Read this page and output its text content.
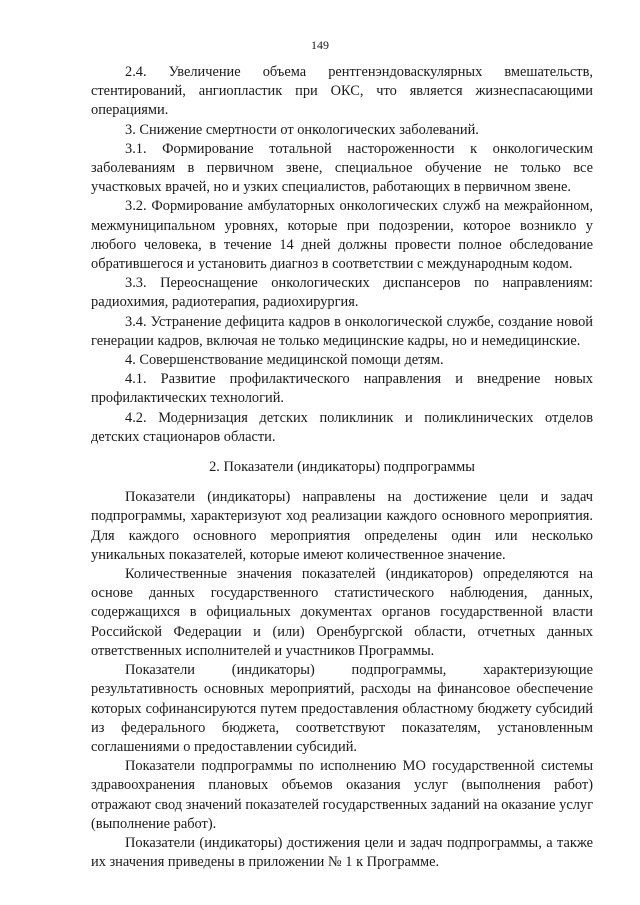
149

2.4. Увеличение объема рентгенэндоваскулярных вмешательств, стентирований, ангиопластик при ОКС, что является жизнеспасающими операциями.

3. Снижение смертности от онкологических заболеваний.

3.1. Формирование тотальной настороженности к онкологическим заболеваниям в первичном звене, специальное обучение не только все участковых врачей, но и узких специалистов, работающих в первичном звене.

3.2. Формирование амбулаторных онкологических служб на межрайонном, межмуниципальном уровнях, которые при подозрении, которое возникло у любого человека, в течение 14 дней должны провести полное обследование обратившегося и установить диагноз в соответствии с международным кодом.

3.3. Переоснащение онкологических диспансеров по направлениям: радиохимия, радиотерапия, радиохирургия.

3.4. Устранение дефицита кадров в онкологической службе, создание новой генерации кадров, включая не только медицинские кадры, но и немедицинские.

4. Совершенствование медицинской помощи детям.

4.1. Развитие профилактического направления и внедрение новых профилактических технологий.

4.2. Модернизация детских поликлиник и поликлинических отделов детских стационаров области.

2. Показатели (индикаторы) подпрограммы

Показатели (индикаторы) направлены на достижение цели и задач подпрограммы, характеризуют ход реализации каждого основного мероприятия. Для каждого основного мероприятия определены один или несколько уникальных показателей, которые имеют количественное значение.

Количественные значения показателей (индикаторов) определяются на основе данных государственного статистического наблюдения, данных, содержащихся в официальных документах органов государственной власти Российской Федерации и (или) Оренбургской области, отчетных данных ответственных исполнителей и участников Программы.

Показатели (индикаторы) подпрограммы, характеризующие результативность основных мероприятий, расходы на финансовое обеспечение которых софинансируются путем предоставления областному бюджету субсидий из федерального бюджета, соответствуют показателям, установленным соглашениями о предоставлении субсидий.

Показатели подпрограммы по исполнению МО государственной системы здравоохранения плановых объемов оказания услуг (выполнения работ) отражают свод значений показателей государственных заданий на оказание услуг (выполнение работ).

Показатели (индикаторы) достижения цели и задач подпрограммы, а также их значения приведены в приложении № 1 к Программе.
